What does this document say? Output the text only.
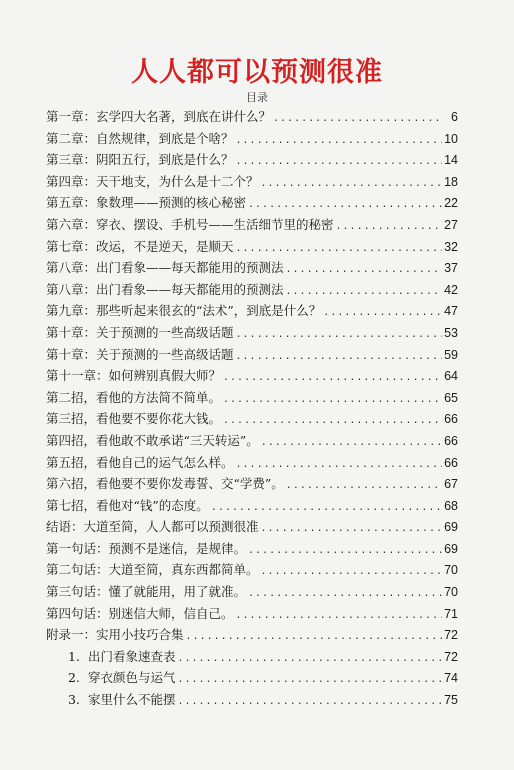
人人都可以预测很准
目录
第一章：玄学四大名著，到底在讲什么？ .....	6
第二章：自然规律，到底是个啥？ .....	10
第三章：阴阳五行，到底是什么？ .....	14
第四章：天干地支，为什么是十二个？ .....	18
第五章：象数理——预测的核心秘密 .....	22
第六章：穿衣、摆设、手机号——生活细节里的秘密 .....	27
第七章：改运，不是逆天，是顺天 .....	32
第八章：出门看象——每天都能用的预测法 .....	37
第八章：出门看象——每天都能用的预测法 .....	42
第九章：那些听起来很玄的“法术”，到底是什么？ .....	47
第十章：关于预测的一些高级话题 .....	53
第十章：关于预测的一些高级话题 .....	59
第十一章：如何辨别真假大师？ .....	64
第二招，看他的方法简不简单。 .....	65
第三招，看他要不要你花大钱。 .....	66
第四招，看他敢不敢承诺“三天转运”。 .....	66
第五招，看他自己的运气怎么样。 .....	66
第六招，看他要不要你发毒誓、交“学费”。 .....	67
第七招，看他对“钱”的态度。 .....	68
结语：大道至简，人人都可以预测很准 .....	69
第一句话：预测不是迷信，是规律。 .....	69
第二句话：大道至简，真东西都简单。 .....	70
第三句话：懂了就能用，用了就准。 .....	70
第四句话：别迷信大师，信自己。 .....	71
附录一：实用小技巧合集 .....	72
1. 出门看象速查表 .....	72
2. 穿衣颜色与运气 .....	74
3. 家里什么不能摆 .....	75
